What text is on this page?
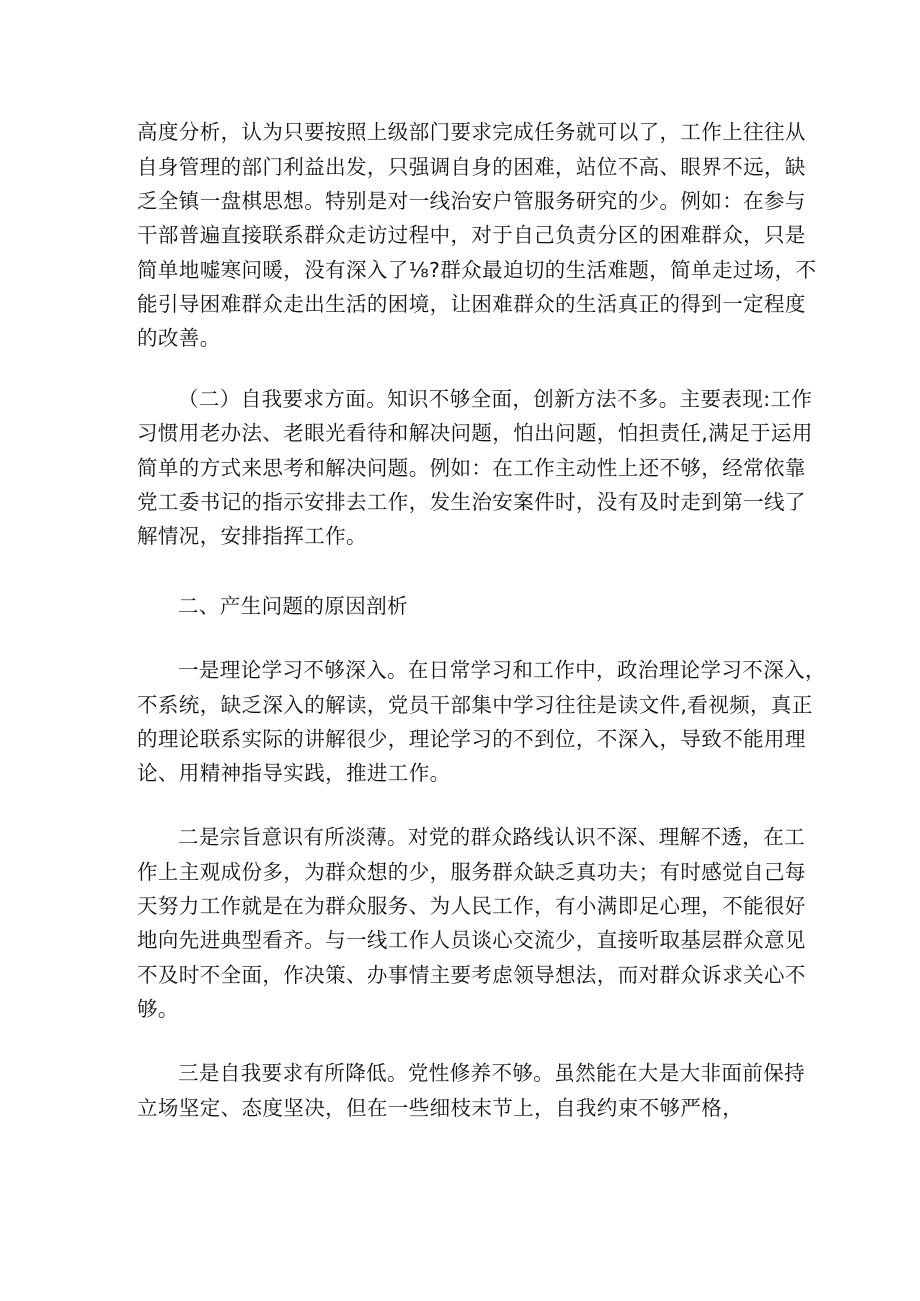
高度分析，认为只要按照上级部门要求完成任务就可以了，工作上往往从
自身管理的部门利益出发，只强调自身的困难，站位不高、眼界不远，缺
乏全镇一盘棋思想。特别是对一线治安户管服务研究的少。例如：在参与
干部普遍直接联系群众走访过程中，对于自己负责分区的困难群众，只是
简单地嘘寒问暖，没有深入了⅛?群众最迫切的生活难题，简单走过场，不
能引导困难群众走出生活的困境，让困难群众的生活真正的得到一定程度
的改善。
（二）自我要求方面。知识不够全面，创新方法不多。主要表现:工作
习惯用老办法、老眼光看待和解决问题，怕出问题，怕担责任,满足于运用
简单的方式来思考和解决问题。例如：在工作主动性上还不够，经常依靠
党工委书记的指示安排去工作，发生治安案件时，没有及时走到第一线了
解情况，安排指挥工作。
二、产生问题的原因剖析
一是理论学习不够深入。在日常学习和工作中，政治理论学习不深入，
不系统，缺乏深入的解读，党员干部集中学习往往是读文件,看视频，真正
的理论联系实际的讲解很少，理论学习的不到位，不深入，导致不能用理
论、用精神指导实践，推进工作。
二是宗旨意识有所淡薄。对党的群众路线认识不深、理解不透，在工
作上主观成份多，为群众想的少，服务群众缺乏真功夫；有时感觉自己每
天努力工作就是在为群众服务、为人民工作，有小满即足心理，不能很好
地向先进典型看齐。与一线工作人员谈心交流少，直接听取基层群众意见
不及时不全面，作决策、办事情主要考虑领导想法，而对群众诉求关心不
够。
三是自我要求有所降低。党性修养不够。虽然能在大是大非面前保持
立场坚定、态度坚决，但在一些细枝末节上，自我约束不够严格，
